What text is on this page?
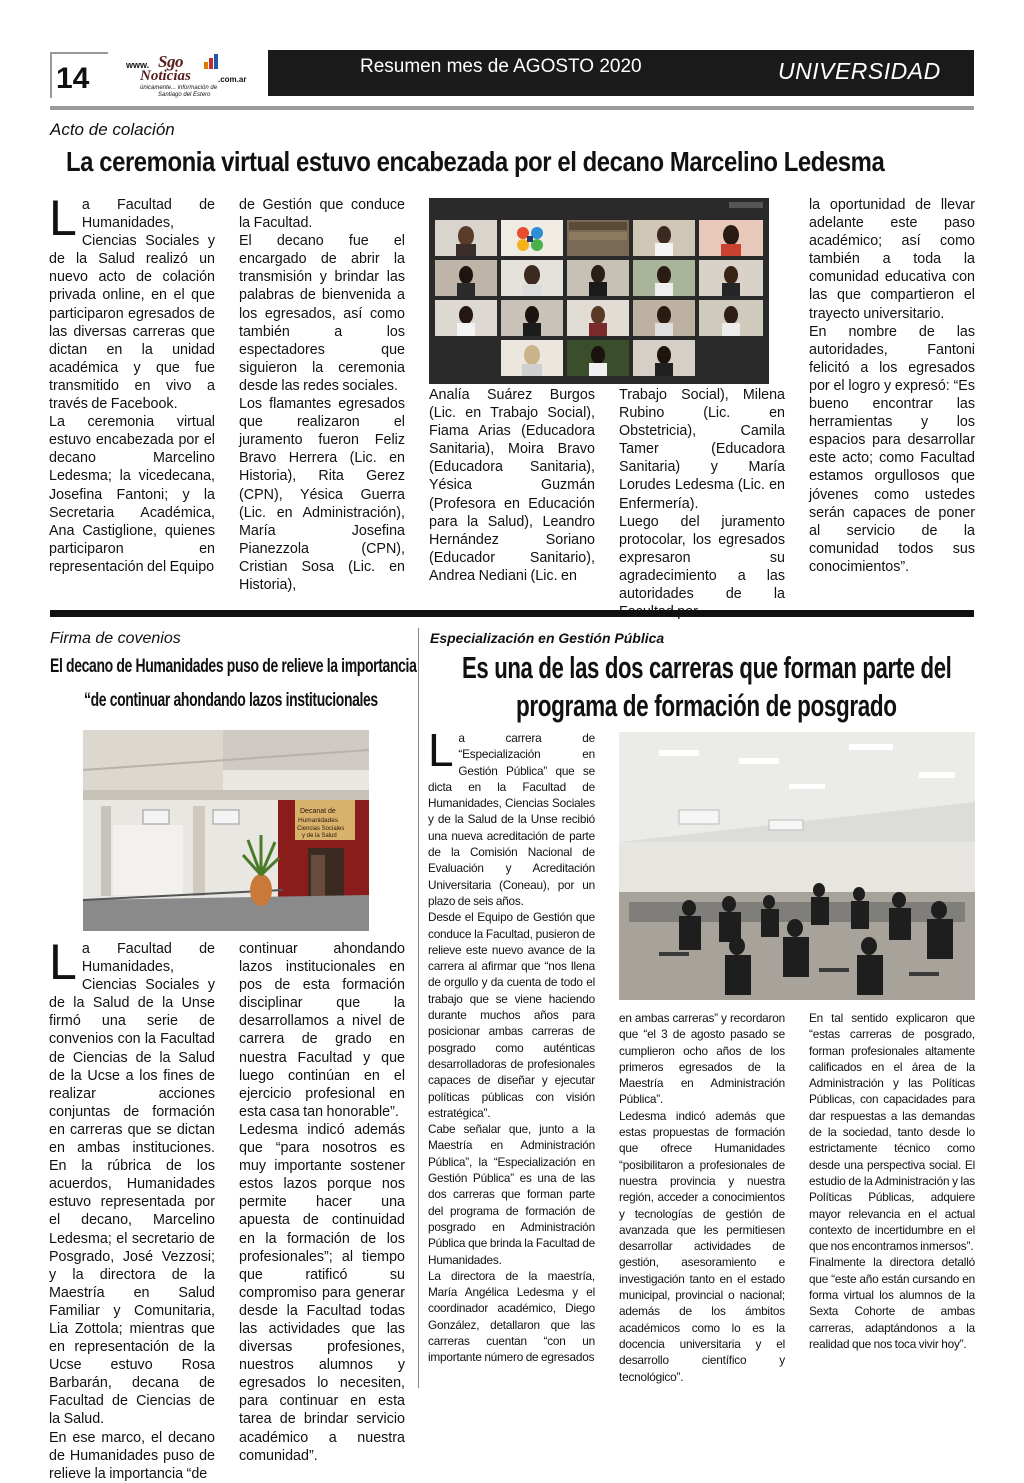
14	www. Sgo
Noticias	.com.ar
únicamente... información de
Santiago del Estero
Resumen mes de AGOSTO 2020	UNIVERSIDAD
Acto de colación
La ceremonia virtual estuvo encabezada por el decano Marcelino Ledesma
L a Facultad de Humanidades, Ciencias Sociales y de la Salud realizó un nuevo acto de colación privada online, en el que participaron egresados de las diversas carreras que dictan en la unidad académica y que fue transmitido en vivo a través de Facebook.

La ceremonia virtual estuvo encabezada por el decano Marcelino Ledesma; la vicedecana, Josefina Fantoni; y la Secretaria Académica, Ana Castiglione, quienes participaron en representación del Equipo

de Gestión que conduce la Facultad.

El decano fue el encargado de abrir la transmisión y brindar las palabras de bienvenida a los egresados, así como también a los espectadores que siguieron la ceremonia desde las redes sociales.

Los flamantes egresados que realizaron el juramento fueron Feliz Bravo Herrera (Lic. en Historia), Rita Gerez (CPN), Yésica Guerra (Lic. en Administración), María Josefina Pianezzola (CPN), Cristian Sosa (Lic. en Historia),

Analía Suárez Burgos (Lic. en Trabajo Social), Fiama Arias (Educadora Sanitaria), Moira Bravo (Educadora Sanitaria), Yésica Guzmán (Profesora en Educación para la Salud), Leandro Hernández Soriano (Educador Sanitario), Andrea Nediani (Lic. en

Trabajo Social), Milena Rubino (Lic. en Obstetricia), Camila Tamer (Educadora Sanitaria) y María Lorudes Ledesma (Lic. en Enfermería).

Luego del juramento protocolar, los egresados expresaron su agradecimiento a las autoridades de la

la oportunidad de llevar adelante este paso académico; así como también a toda la comunidad educativa con las que compartieron el trayecto universitario.

En nombre de las autoridades, Fantoni felicitó a los egresados por el logro y expresó: “Es bueno encontrar las herramientas y los espacios para desarrollar este acto; como Facultad estamos orgullosos que jóvenes como ustedes serán capaces de poner al servicio de la comunidad todos sus conocimientos”.

Firma de covenios
El decano de Humanidades puso de relieve la importancia
“de continuar ahondando lazos institucionales
Decanat de
Humanidades
Ciencias Sociales
y de la Salud
L a Facultad de Humanidades, Ciencias Sociales y de la Salud de la Unse firmó una serie de convenios con la Facultad de Ciencias de la Salud de la Ucse a los fines de realizar acciones conjuntas de formación en carreras que se dictan en ambas instituciones. En la rúbrica de los acuerdos, Humanidades estuvo representada por el decano, Marcelino Ledesma; el secretario de Posgrado, José Vezzosi; y la directora de la Maestría en Salud Familiar y Comunitaria, Lia Zottola; mientras que en representación de la Ucse estuvo Rosa Barbarán, decana de Facultad de Ciencias de la Salud.

En ese marco, el decano de Humanidades puso de relieve la importancia “de

continuar ahondando lazos institucionales en pos de esta formación disciplinar que la desarrollamos a nivel de carrera de grado en nuestra Facultad y que luego continúan en el ejercicio profesional en esta casa tan honorable”.

Ledesma indicó además que “para nosotros es muy importante sostener estos lazos porque nos permite hacer una apuesta de continuidad en la formación de los profesionales”; al tiempo que ratificó su compromiso para generar desde la Facultad todas las actividades que las diversas profesiones, nuestros alumnos y egresados lo necesiten, para continuar en esta tarea de brindar servicio académico a nuestra comunidad”.

Especialización en Gestión Pública
Es una de las dos carreras que forman parte del
programa de formación de posgrado
L a carrera de “Especialización en Gestión Pública” que se dicta en la Facultad de Humanidades, Ciencias Sociales y de la Salud de la Unse recibió una nueva acreditación de parte de la Comisión Nacional de Evaluación y Acreditación Universitaria (Coneau), por un plazo de seis años.

Desde el Equipo de Gestión que conduce la Facultad, pusieron de relieve este nuevo avance de la carrera al afirmar que “nos llena de orgullo y da cuenta de todo el trabajo que se viene haciendo durante muchos años para posicionar ambas carreras de posgrado como auténticas desarrolladoras de profesionales capaces de diseñar y ejecutar políticas públicas con visión estratégica”.

Cabe señalar que, junto a la Maestría en Administración Pública”, la “Especialización en Gestión Pública” es una de las dos carreras que forman parte del programa de formación de posgrado en Administración Pública que brinda la Facultad de Humanidades.

La directora de la maestría, María Angélica Ledesma y el coordinador académico, Diego González, detallaron que las carreras cuentan “con un importante número de egresados

en ambas carreras” y recordaron que “el 3 de agosto pasado se cumplieron ocho años de los primeros egresados de la Maestría en Administración Pública”.

Ledesma indicó además que estas propuestas de formación que ofrece Humanidades “posibilitaron a profesionales de nuestra provincia y nuestra región, acceder a conocimientos y tecnologías de gestión de avanzada que les permitiesen desarrollar actividades de gestión, asesoramiento e investigación tanto en el estado municipal, provincial o nacional; además de los ámbitos académicos como lo es la docencia universitaria y el desarrollo científico y tecnológico”.

En tal sentido explicaron que “estas carreras de posgrado, forman profesionales altamente calificados en el área de la Administración y las Políticas Públicas, con capacidades para dar respuestas a las demandas de la sociedad, tanto desde lo estrictamente técnico como desde una perspectiva social. El estudio de la Administración y las Políticas Públicas, adquiere mayor relevancia en el actual contexto de incertidumbre en el que nos encontramos inmersos”.

Finalmente la directora detalló que “este año están cursando en forma virtual los alumnos de la Sexta Cohorte de ambas carreras, adaptándonos a la realidad que nos toca vivir hoy”.
